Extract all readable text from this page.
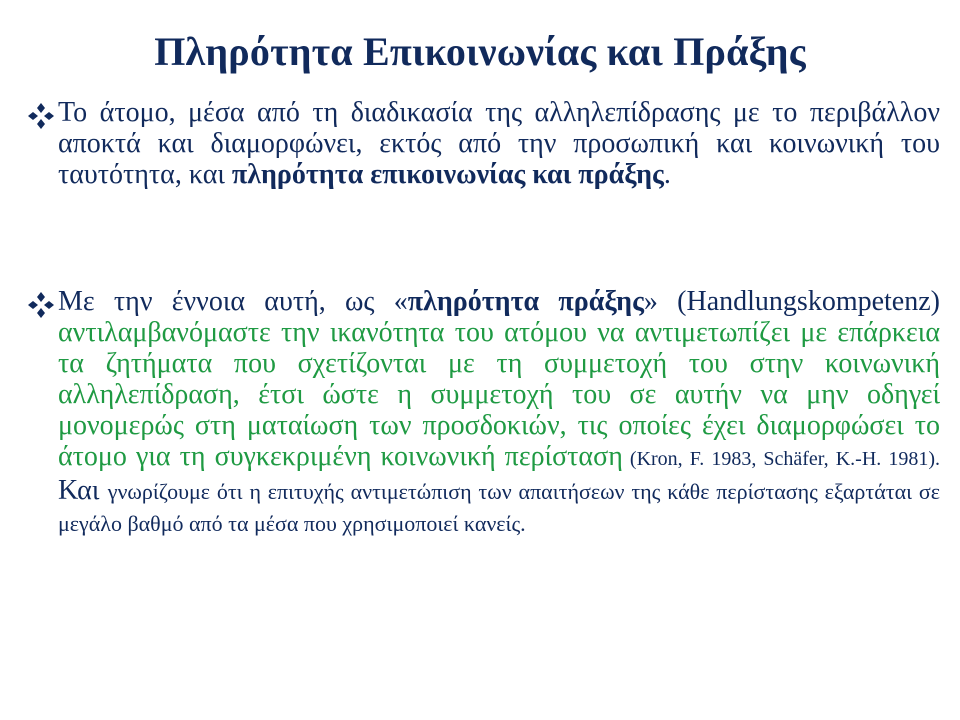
Πληρότητα Επικοινωνίας και Πράξης
Το άτομο, μέσα από τη διαδικασία της αλληλεπίδρασης με το περιβάλλον αποκτά και διαμορφώνει, εκτός από την προσωπική και κοινωνική του ταυτότητα, και πληρότητα επικοινωνίας και πράξης.
Με την έννοια αυτή, ως «πληρότητα πράξης» (Handlungskompetenz) αντιλαμβανόμαστε την ικανότητα του ατόμου να αντιμετωπίζει με επάρκεια τα ζητήματα που σχετίζονται με τη συμμετοχή του στην κοινωνική αλληλεπίδραση, έτσι ώστε η συμμετοχή του σε αυτήν να μην οδηγεί μονομερώς στη ματαίωση των προσδοκιών, τις οποίες έχει διαμορφώσει το άτομο για τη συγκεκριμένη κοινωνική περίσταση (Kron, F. 1983, Schäfer, K.-H. 1981). Και γνωρίζουμε ότι η επιτυχής αντιμετώπιση των απαιτήσεων της κάθε περίστασης εξαρτάται σε μεγάλο βαθμό από τα μέσα που χρησιμοποιεί κανείς.
